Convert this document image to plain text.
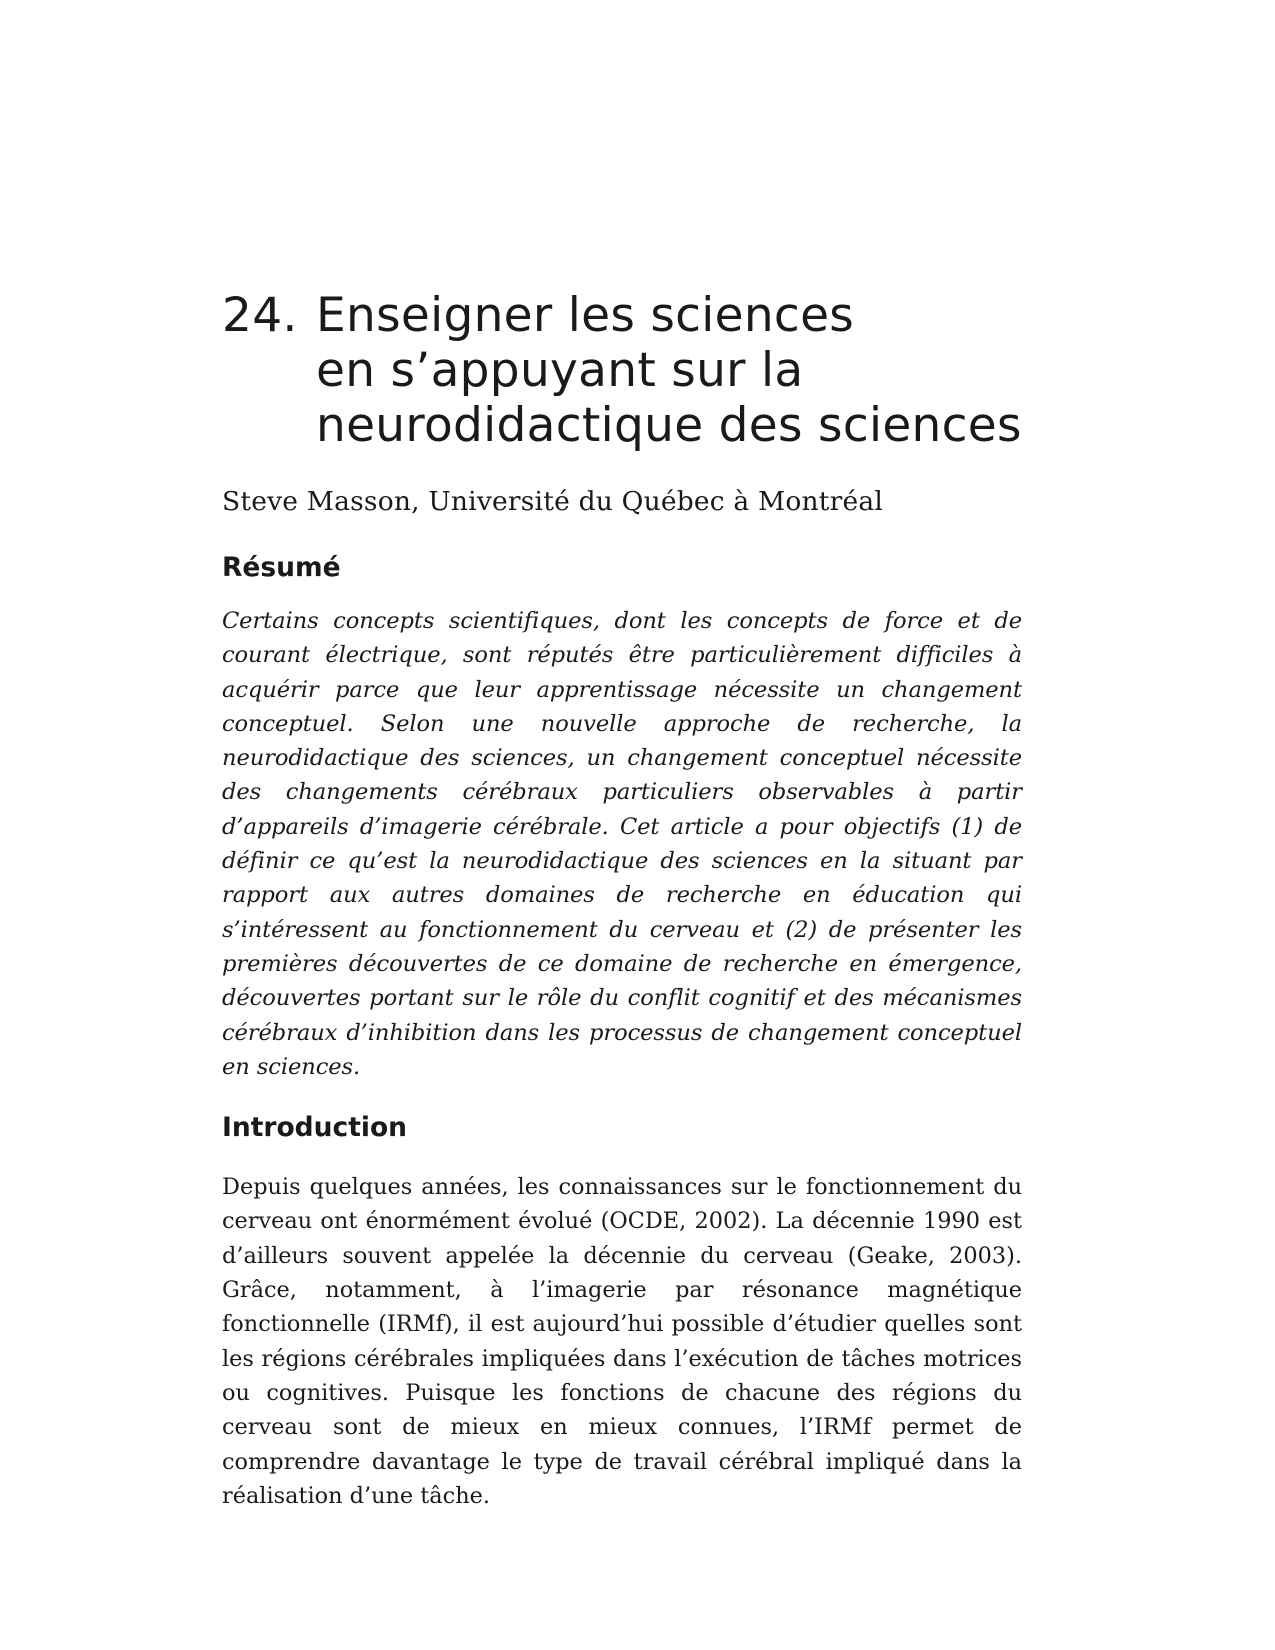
24. Enseigner les sciences
en s’appuyant sur la
neurodidactique des sciences
Steve Masson, Université du Québec à Montréal
Résumé

Certains concepts scientifiques, dont les concepts de force et de courant électrique, sont réputés être particulièrement difficiles à acquérir parce que leur apprentissage nécessite un changement conceptuel. Selon une nouvelle approche de recherche, la neurodidactique des sciences, un changement conceptuel nécessite des changements cérébraux particuliers observables à partir d’appareils d’imagerie cérébrale. Cet article a pour objectifs (1) de définir ce qu’est la neurodidactique des sciences en la situant par rapport aux autres domaines de recherche en éducation qui s’intéressent au fonctionnement du cerveau et (2) de présenter les premières découvertes de ce domaine de recherche en émergence, découvertes portant sur le rôle du conflit cognitif et des mécanismes cérébraux d’inhibition dans les processus de changement conceptuel en sciences.

Introduction

Depuis quelques années, les connaissances sur le fonctionnement du cerveau ont énormément évolué (OCDE, 2002). La décennie 1990 est d’ailleurs souvent appelée la décennie du cerveau (Geake, 2003). Grâce, notamment, à l’imagerie par résonance magnétique fonctionnelle (IRMf), il est aujourd’hui possible d’étudier quelles sont les régions cérébrales impliquées dans l’exécution de tâches motrices ou cognitives. Puisque les fonctions de chacune des régions du cerveau sont de mieux en mieux connues, l’IRMf permet de comprendre davantage le type de travail cérébral impliqué dans la réalisation d’une tâche.
